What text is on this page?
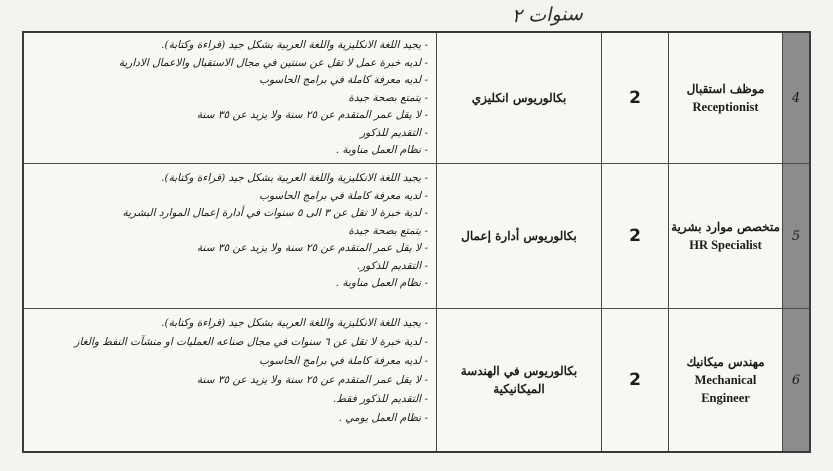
سنوات ٢
- يجيد اللغة الانكليزية واللغة العربية بشكل جيد (قراءة وكتابة).
- لديه خبرة عمل لا تقل عن سنتين في مجال الاستقبال والاعمال الادارية
- لديه معرفة كاملة في برامج الحاسوب
- يتمتع بصحة جيدة
- لا يقل عمر المتقدم عن ٢٥ سنة ولا يزيد عن ٣٥ سنة
- التقديم للذكور
- نظام العمل مناوبة .
بكالوريوس انكليزي	2	موظف استقبال
Receptionist
4
- يجيد اللغة الانكليزية واللغة العربية بشكل جيد (قراءة وكتابة).
- لديه معرفة كاملة في برامج الحاسوب
- لدية خبرة لا تقل عن ٣ الى ٥ سنوات في أدارة إعمال الموارد البشرية
- يتمتع بصحة جيدة
- لا يقل عمر المتقدم عن ٢٥ سنة ولا يزيد عن ٣٥ سنة
- التقديم للذكور.
- نظام العمل مناوبة .
بكالوريوس أدارة إعمال	2	متخصص موارد بشرية
HR Specialist
5
- يجيد اللغة الانكليزية واللغة العربية بشكل جيد (قراءة وكتابة).
- لدية خبرة لا تقل عن ٦ سنوات في مجال صناعه العمليات او منشآت النفط والغاز
- لديه معرفة كاملة في برامج الحاسوب
- لا يقل عمر المتقدم عن ٢٥ سنة ولا يزيد عن ٣٥ سنة
- التقديم للذكور فقط.
- نظام العمل يومي .
بكالوريوس في الهندسة الميكانيكية	2
مهندس ميكانيك
Mechanical Engineer
6
